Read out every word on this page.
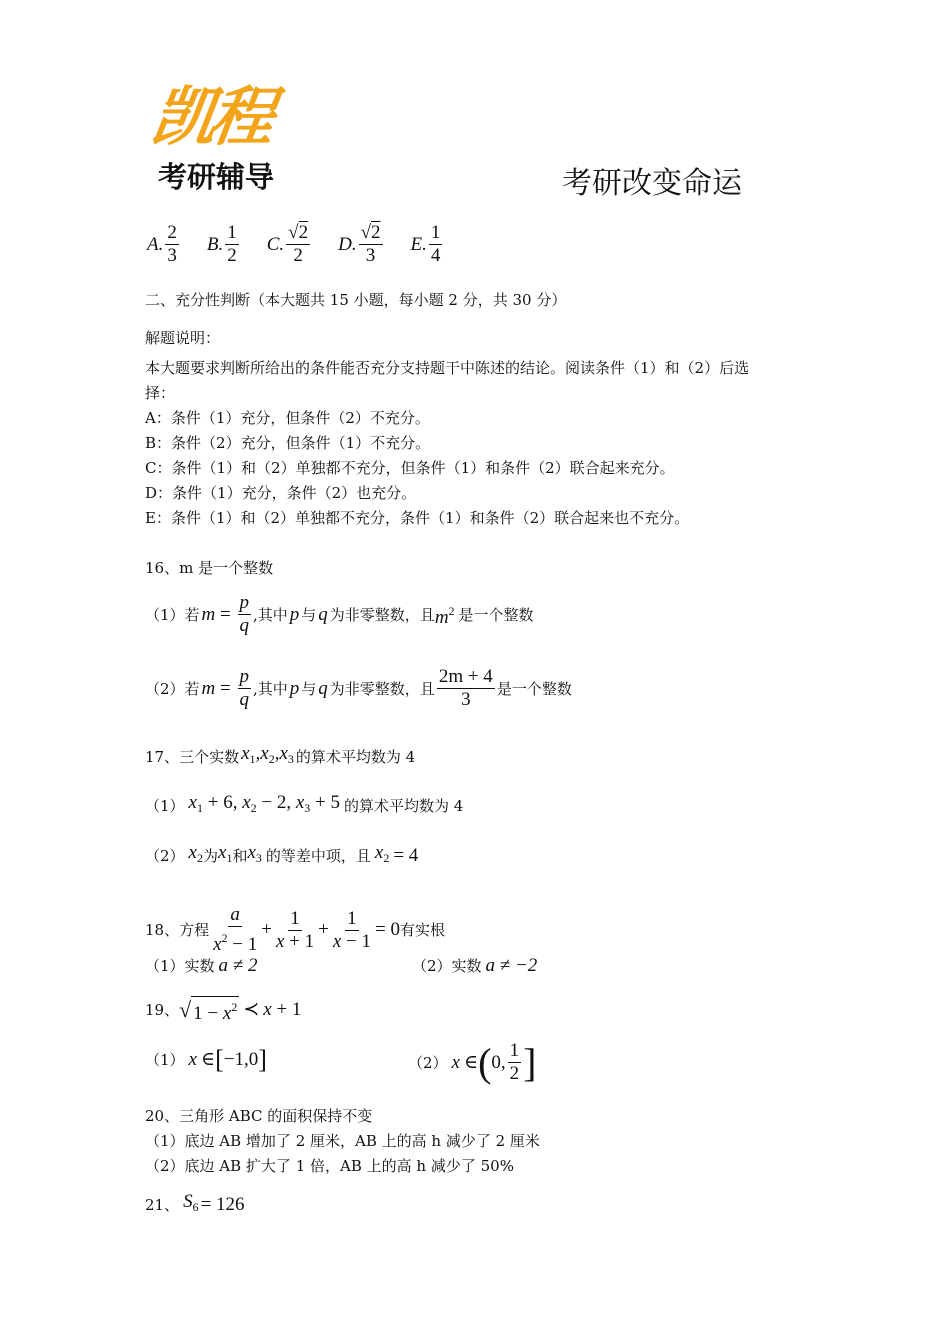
凯程
考研辅导	考研改变命运
A. $\frac{2}{3} B$. $\frac{1}{2} C$. $\frac{√2}{2} D$. $\frac{√2}{3} E$. $\frac{1}{4}$
二、充分性判断（本大题共 15 小题，每小题 2 分，共 30 分）
解题说明：
本大题要求判断所给出的条件能否充分支持题干中陈述的结论。阅读条件（1）和（2）后选
择：
A：条件（1）充分，但条件（2）不充分。
B：条件（2）充分，但条件（1）不充分。
C：条件（1）和（2）单独都不充分，但条件（1）和条件（2）联合起来充分。
D：条件（1）充分，条件（2）也充分。
E：条件（1）和（2）单独都不充分，条件（1）和条件（2）联合起来也不充分。
16、m 是一个整数
（1）若 $m = \frac{p}{q}$ ,其中 p 与 q 为非零整数，且 $m^2$ 是一个整数
（2）若 $m = \frac{p}{q}$ ,其中 p 与 q 为非零整数，且 $\frac{2m + 4}{3}$ 是一个整数
17、三个实数 $x_1,x_2,x_3$ 的算术平均数为 4
（1） $x_1 + 6$, $x_2 - 2$, $x_3 + 5$ 的算术平均数为 4
（2） $x_2$ 为 $x_1$ 和 $x_3$ 的等差中项，且 $x_2 = 4$
18、方程 $\frac{a}{x^2 - 1} + \frac{1}{x + 1} + \frac{1}{x - 1} = 0$ 有实根
（1）实数 a ≠ 2	（2）实数 a ≠ −2
19、 √ $1 - x^2$ ≺ x + 1
（1） x ∈ [ −1,0 ]	（2） x ∈ ( 0, $\frac{1}{2}$ ]
20、三角形 ABC 的面积保持不变
（1）底边 AB 增加了 2 厘米，AB 上的高 h 减少了 2 厘米
（2）底边 AB 扩大了 1 倍，AB 上的高 h 减少了 50%
21、 $S_6 = 126$
